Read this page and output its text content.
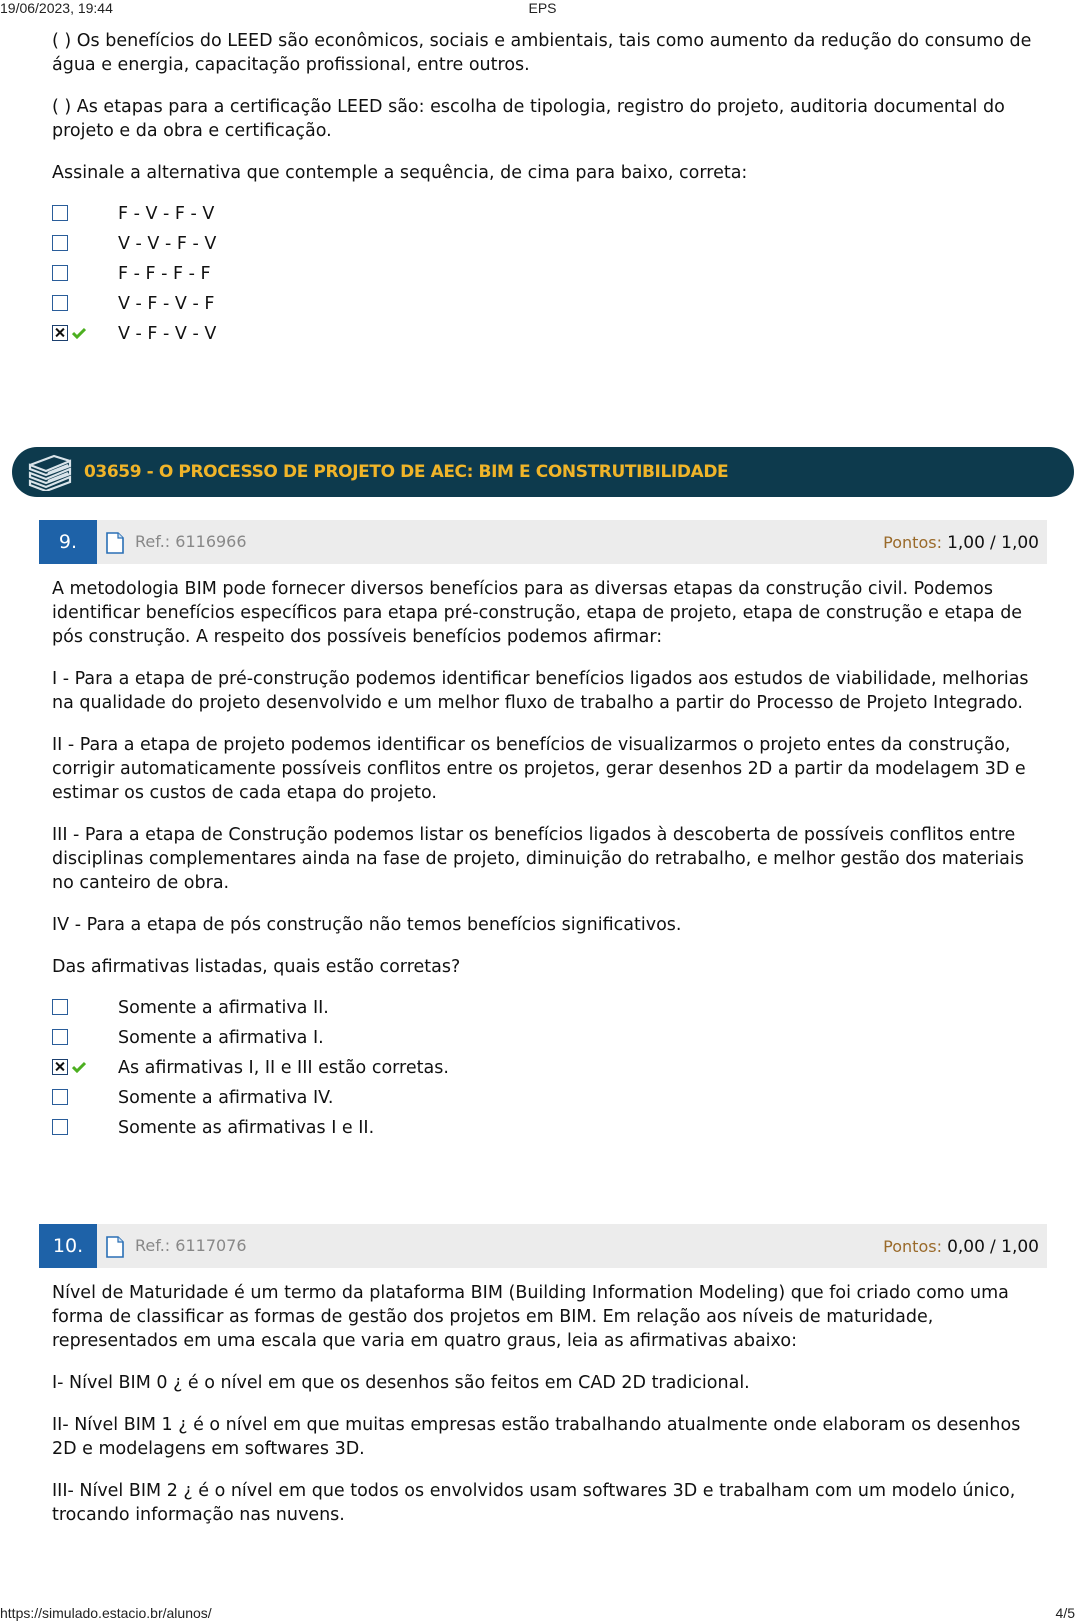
19/06/2023, 19:44	EPS

( ) Os benefícios do LEED são econômicos, sociais e ambientais, tais como aumento da redução do consumo de água e energia, capacitação profissional, entre outros.

( ) As etapas para a certificação LEED são: escolha de tipologia, registro do projeto, auditoria documental do projeto e da obra e certificação.

Assinale a alternativa que contemple a sequência, de cima para baixo, correta:

F - V - F - V
V - V - F - V
F - F - F - F
V - F - V - F
V - F - V - V
03659 - O PROCESSO DE PROJETO DE AEC: BIM E CONSTRUTIBILIDADE
9.	Ref.: 6116966	Pontos: 1,00 / 1,00

A metodologia BIM pode fornecer diversos benefícios para as diversas etapas da construção civil. Podemos identificar benefícios específicos para etapa pré-construção, etapa de projeto, etapa de construção e etapa de pós construção. A respeito dos possíveis benefícios podemos afirmar:

I - Para a etapa de pré-construção podemos identificar benefícios ligados aos estudos de viabilidade, melhorias na qualidade do projeto desenvolvido e um melhor fluxo de trabalho a partir do Processo de Projeto Integrado.

II - Para a etapa de projeto podemos identificar os benefícios de visualizarmos o projeto entes da construção, corrigir automaticamente possíveis conflitos entre os projetos, gerar desenhos 2D a partir da modelagem 3D e estimar os custos de cada etapa do projeto.

III - Para a etapa de Construção podemos listar os benefícios ligados à descoberta de possíveis conflitos entre disciplinas complementares ainda na fase de projeto, diminuição do retrabalho, e melhor gestão dos materiais no canteiro de obra.

IV - Para a etapa de pós construção não temos benefícios significativos.

Das afirmativas listadas, quais estão corretas?

Somente a afirmativa II.
Somente a afirmativa I.
As afirmativas I, II e III estão corretas.
Somente a afirmativa IV.
Somente as afirmativas I e II.
10.	Ref.: 6117076	Pontos: 0,00 / 1,00

Nível de Maturidade é um termo da plataforma BIM (Building Information Modeling) que foi criado como uma forma de classificar as formas de gestão dos projetos em BIM. Em relação aos níveis de maturidade, representados em uma escala que varia em quatro graus, leia as afirmativas abaixo:

I- Nível BIM 0 ¿ é o nível em que os desenhos são feitos em CAD 2D tradicional.

II- Nível BIM 1 ¿ é o nível em que muitas empresas estão trabalhando atualmente onde elaboram os desenhos 2D e modelagens em softwares 3D.

III- Nível BIM 2 ¿ é o nível em que todos os envolvidos usam softwares 3D e trabalham com um modelo único, trocando informação nas nuvens.

https://simulado.estacio.br/alunos/	4/5
